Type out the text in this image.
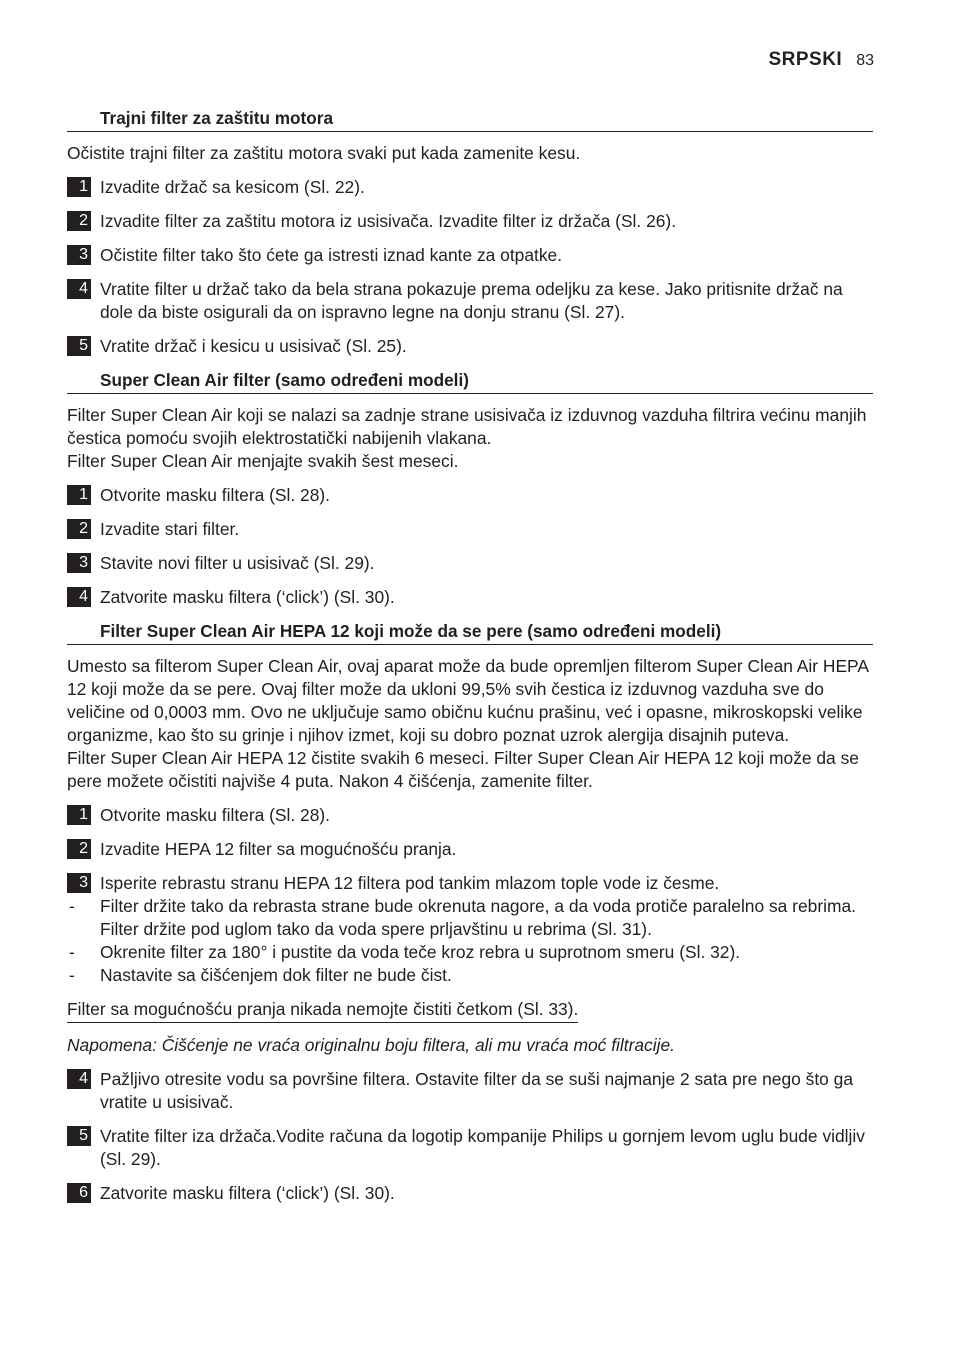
SRPSKI 83
Trajni filter za zaštitu motora
Očistite trajni filter za zaštitu motora svaki put kada zamenite kesu.
1 Izvadite držač sa kesicom (Sl. 22).
2 Izvadite filter za zaštitu motora iz usisivača. Izvadite filter iz držača (Sl. 26).
3 Očistite filter tako što ćete ga istresti iznad kante za otpatke.
4 Vratite filter u držač tako da bela strana pokazuje prema odeljku za kese. Jako pritisnite držač na dole da biste osigurali da on ispravno legne na donju stranu (Sl. 27).
5 Vratite držač i kesicu u usisivač (Sl. 25).
Super Clean Air filter (samo određeni modeli)
Filter Super Clean Air koji se nalazi sa zadnje strane usisivača iz izduvnog vazduha filtrira većinu manjih čestica pomoću svojih elektrostatički nabijenih vlakana.
Filter Super Clean Air menjajte svakih šest meseci.
1 Otvorite masku filtera (Sl. 28).
2 Izvadite stari filter.
3 Stavite novi filter u usisivač (Sl. 29).
4 Zatvorite masku filtera (‘click’) (Sl. 30).
Filter Super Clean Air HEPA 12 koji može da se pere (samo određeni modeli)
Umesto sa filterom Super Clean Air, ovaj aparat može da bude opremljen filterom Super Clean Air HEPA 12 koji može da se pere. Ovaj filter može da ukloni 99,5% svih čestica iz izduvnog vazduha sve do veličine od 0,0003 mm. Ovo ne uključuje samo običnu kućnu prašinu, već i opasne, mikroskopski velike organizme, kao što su grinje i njihov izmet, koji su dobro poznat uzrok alergija disajnih puteva.
Filter Super Clean Air HEPA 12 čistite svakih 6 meseci. Filter Super Clean Air HEPA 12 koji može da se pere možete očistiti najviše 4 puta. Nakon 4 čišćenja, zamenite filter.
1 Otvorite masku filtera (Sl. 28).
2 Izvadite HEPA 12 filter sa mogućnošću pranja.
3 Isperite rebrastu stranu HEPA 12 filtera pod tankim mlazom tople vode iz česme.
-	Filter držite tako da rebrasta strane bude okrenuta nagore, a da voda protiče paralelno sa rebrima. Filter držite pod uglom tako da voda spere prljavštinu u rebrima (Sl. 31).
-	Okrenite filter za 180° i pustite da voda teče kroz rebra u suprotnom smeru (Sl. 32).
-	Nastavite sa čišćenjem dok filter ne bude čist.
Filter sa mogućnošću pranja nikada nemojte čistiti četkom (Sl. 33).
Napomena: Čišćenje ne vraća originalnu boju filtera, ali mu vraća moć filtracije.
4 Pažljivo otresite vodu sa površine filtera. Ostavite filter da se suši najmanje 2 sata pre nego što ga vratite u usisivač.
5 Vratite filter iza držača.Vodite računa da logotip kompanije Philips u gornjem levom uglu bude vidljiv (Sl. 29).
6 Zatvorite masku filtera (‘click’) (Sl. 30).
